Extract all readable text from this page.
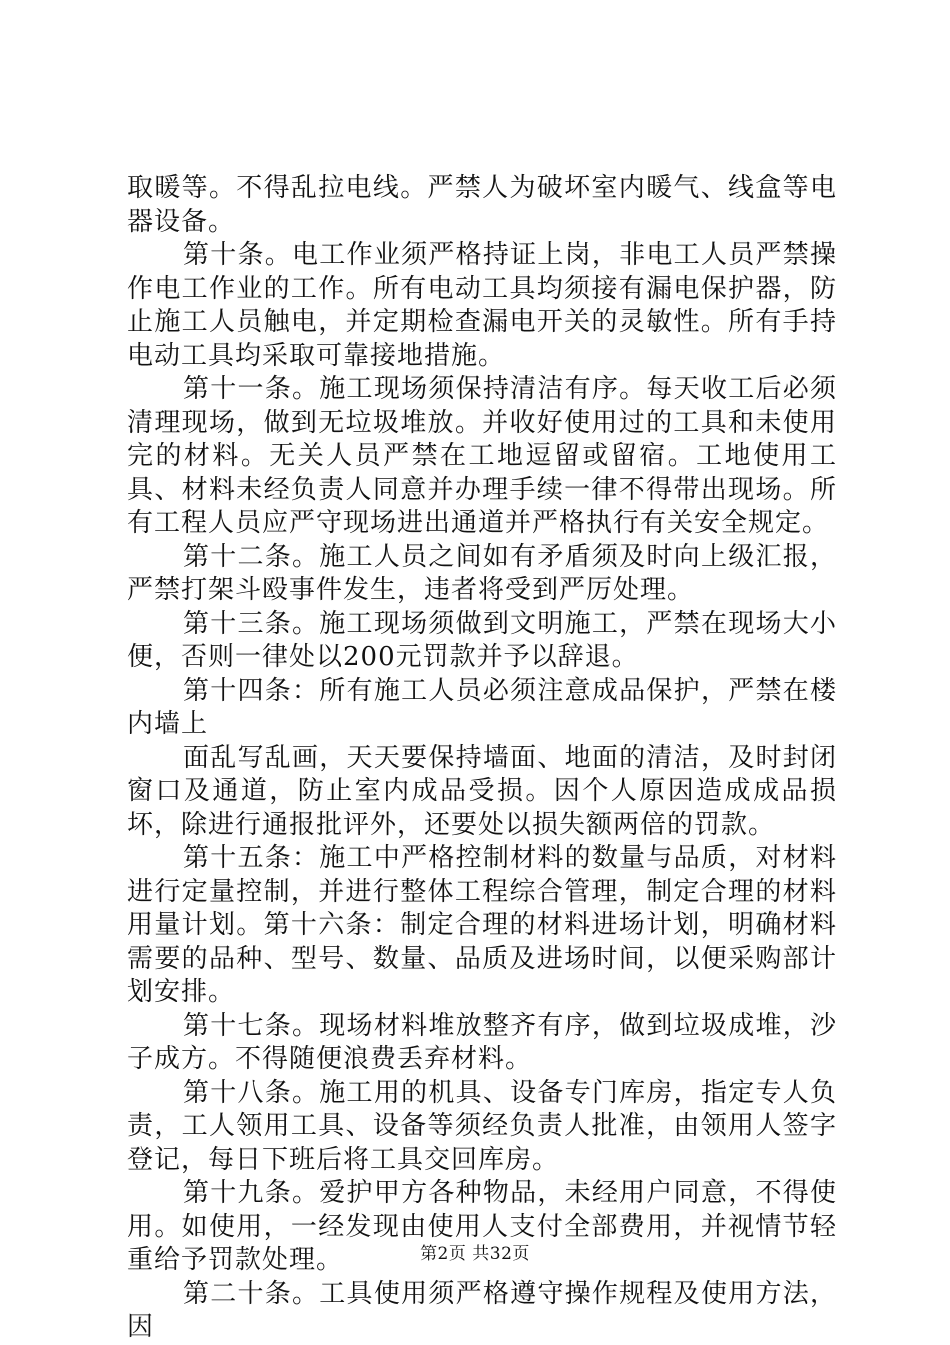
取暖等。不得乱拉电线。严禁人为破坏室内暖气、线盒等电器设备。

第十条。电工作业须严格持证上岗，非电工人员严禁操作电工作业的工作。所有电动工具均须接有漏电保护器，防止施工人员触电，并定期检查漏电开关的灵敏性。所有手持电动工具均采取可靠接地措施。

第十一条。施工现场须保持清洁有序。每天收工后必须清理现场，做到无垃圾堆放。并收好使用过的工具和未使用完的材料。无关人员严禁在工地逗留或留宿。工地使用工具、材料未经负责人同意并办理手续一律不得带出现场。所有工程人员应严守现场进出通道并严格执行有关安全规定。

第十二条。施工人员之间如有矛盾须及时向上级汇报，严禁打架斗殴事件发生，违者将受到严厉处理。

第十三条。施工现场须做到文明施工，严禁在现场大小便，否则一律处以200元罚款并予以辞退。

第十四条：所有施工人员必须注意成品保护，严禁在楼内墙上

面乱写乱画，天天要保持墙面、地面的清洁，及时封闭窗口及通道，防止室内成品受损。因个人原因造成成品损坏，除进行通报批评外，还要处以损失额两倍的罚款。

第十五条：施工中严格控制材料的数量与品质，对材料进行定量控制，并进行整体工程综合管理，制定合理的材料用量计划。第十六条：制定合理的材料进场计划，明确材料需要的品种、型号、数量、品质及进场时间，以便采购部计划安排。

第十七条。现场材料堆放整齐有序，做到垃圾成堆，沙子成方。不得随便浪费丢弃材料。

第十八条。施工用的机具、设备专门库房，指定专人负责，工人领用工具、设备等须经负责人批准，由领用人签字登记，每日下班后将工具交回库房。

第十九条。爱护甲方各种物品，未经用户同意，不得使用。如使用，一经发现由使用人支付全部费用，并视情节轻重给予罚款处理。

第二十条。工具使用须严格遵守操作规程及使用方法，因

第2页 共32页
